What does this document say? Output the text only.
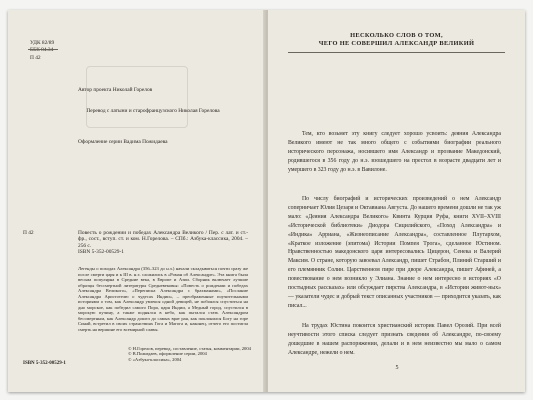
УДК 82/89
ББК 84.34
П 42
Автор проекта Николай Горелов
Перевод с латыни и старофранцузского Николая Горелова
Оформление серии Вадима Пожидаева
П 42	Повесть о рождении и победах Александра Великого / Пер. с лат. и ст.-фр., сост., вступ. ст. и ком. Н.Горелова. – СПб.: Азбука-классика, 2004. – 256 с.
ISBN 5-352-00529-1
Легенды о походах Александра (356–323 до н.э.) начали складываться почти сразу же после смерти царя и к III в. н.э. сложились в «Роман об Александре». Эта книга была весьма популярна в Средние века, в Европе и Азии. Сборник включает лучшие образцы бессмертной литературы Средневековья: «Повесть о рождении и победах Александра Великого», «Переписка Александра с брахманами», «Послание Александра Аристотелю о чудесах Индии», – преображенные поучительными историями о том, как Александр увлекся одной девицей, не побоялся спуститься на дно морское, как победил самого Пора, царя Индии, а Медный город, спустился в морскую пучину, а также поднялся в небо, как пытался стать Александром бессмертным, как Александр дошел до самых врат рая, как поклонился Богу на горе Синай, встретил в своих странствиях Гога и Магога и, наконец, отчего его постигла смерть на вершине его всемирной славы.
© Н.Горелов, перевод, составление, статья, комментарии, 2004
© В.Пожидаев, оформление серии, 2004
© «Азбука-классика», 2004
ISBN 5-352-00529-1
НЕСКОЛЬКО СЛОВ О ТОМ,
ЧЕГО НЕ СОВЕРШИЛ АЛЕКСАНДР ВЕЛИКИЙ
Тем, кто возьмет эту книгу следует хорошо усвоить: деяния Александра Великого имеют не так много общего с событиями биографии реального исторического персонажа, носившего имя Александр и прозвание Македонский, родившегося в 356 году до н.э. взошедшего на престол в возрасте двадцати лет и умершего в 323 году до н.э. в Вавилоне.
По числу биографий и исторических произведений о нем Александр соперничает Юлия Цезаря и Октавиана Августа. До нашего времени дошли не так уж мало: «Деяния Александра Великого» Квинта Курция Руфа, книги XVII–XVIII «Исторической библиотеки» Диодора Сицилийского, «Поход Александра» и «Индика» Арриана, «Жизнеописание Александра», составленное Плутархом, «Краткое изложение (эпитома) Истории Помпея Трога», сделанное Юстином. Нравственностью македонского царя интересовались Цицерон, Сенека и Валерий Максим. О стране, которую завоевал Александр, пишет Страбон, Плиний Старший и его племянник Солин. Царственном пире при дворе Александра, пишет Афиней, а повествование о нем возникло у Элиана. Знание о нем интересно в историях «О постыдных рассказах» или обсуждает пирства Александра, в «Истории живот-ных» — указатели чудес и добрый текст описанных участников — приходится указать, как писал...
На трудах Юстина покоится христианский историк Павел Орозий. При всей неучтивости этого списка следует признать сведения об Александре, по-своему дошедшие в нашем распоряжении, делали и в нем неизвестно мы мало о самом Александре, нежели о нем.
5
